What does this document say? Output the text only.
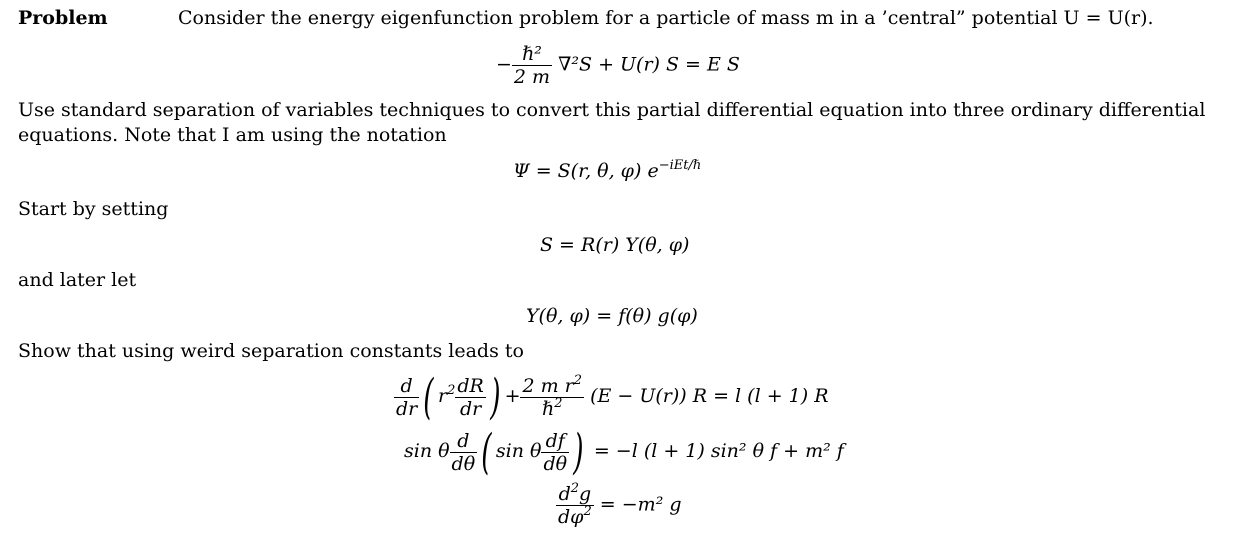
Problem	Consider the energy eigenfunction problem for a particle of mass m in a ’central” potential U = U(r).
− $\frac{\text{ℏ²}}{2 m} \nabla^2S + U(r) S = E$ S
Use standard separation of variables techniques to convert this partial differential equation into three ordinary differential
equations. Note that I am using the notation
Ψ = S(r, θ, φ) $e^{-iEt/\hbar}$
Start by setting
S = R(r) Y(θ, φ)
and later let
Y(θ, φ) = f(θ) g(φ)
Show that using weird separation constants leads to
$\frac{d}{dr}$ ( $r^2 \frac{dR}{dr}$ ) + $\frac{2 m r^2}{\hbar^2} (E - U(r)) R = l$ (l + 1) R
sin θ $\frac{d}{d\theta}$ ( sin θ $\frac{df}{d\theta}$ ) = −l (l + 1) sin² θ f + m² f
$\frac{d^2g}{d\varphi^2} = -m^2$ g
